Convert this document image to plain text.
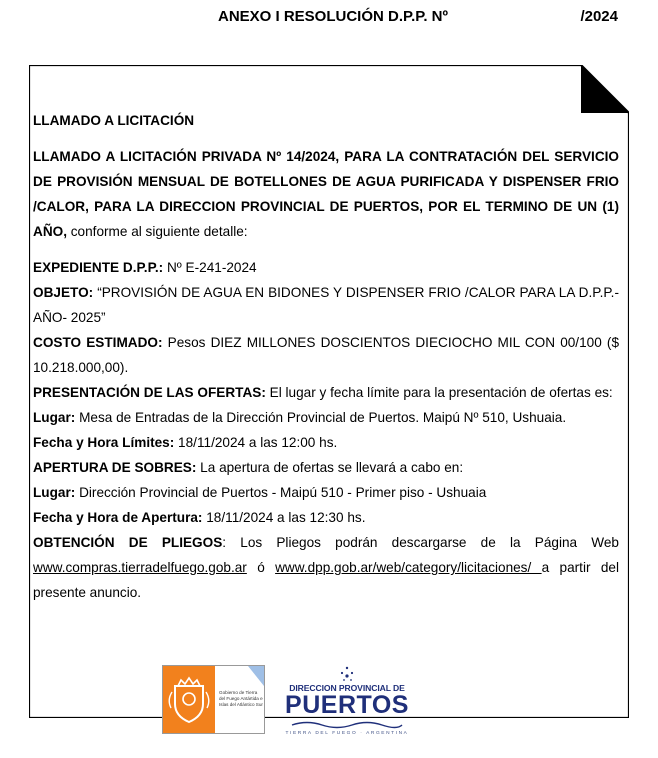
ANEXO I RESOLUCIÓN D.P.P. Nº	/2024

LLAMADO A LICITACIÓN

LLAMADO A LICITACIÓN PRIVADA Nº 14/2024, PARA LA CONTRATACIÓN DEL SERVICIO DE PROVISIÓN MENSUAL DE BOTELLONES DE AGUA PURIFICADA Y DISPENSER FRIO /CALOR, PARA LA DIRECCION PROVINCIAL DE PUERTOS, POR EL TERMINO DE UN (1) AÑO, conforme al siguiente detalle:

EXPEDIENTE D.P.P.: Nº E-241-2024

OBJETO: “PROVISIÓN DE AGUA EN BIDONES Y DISPENSER FRIO /CALOR PARA LA D.P.P.- AÑO- 2025”

COSTO ESTIMADO: Pesos DIEZ MILLONES DOSCIENTOS DIECIOCHO MIL CON 00/100 ($ 10.218.000,00).

PRESENTACIÓN DE LAS OFERTAS: El lugar y fecha límite para la presentación de ofertas es:

Lugar: Mesa de Entradas de la Dirección Provincial de Puertos. Maipú Nº 510, Ushuaia.

Fecha y Hora Límites: 18/11/2024 a las 12:00 hs.

APERTURA DE SOBRES: La apertura de ofertas se llevará a cabo en:

Lugar: Dirección Provincial de Puertos - Maipú 510 - Primer piso - Ushuaia

Fecha y Hora de Apertura: 18/11/2024 a las 12:30 hs.

OBTENCIÓN DE PLIEGOS: Los Pliegos podrán descargarse de la Página Web www.compras.tierradelfuego.gob.ar ó www.dpp.gob.ar/web/category/licitaciones/ a partir del presente anuncio.

Gobierno de Tierra del Fuego Antártida e Islas del Atlántico Sur
DIRECCION PROVINCIAL DE
PUERTOS
TIERRA DEL FUEGO · ARGENTINA
